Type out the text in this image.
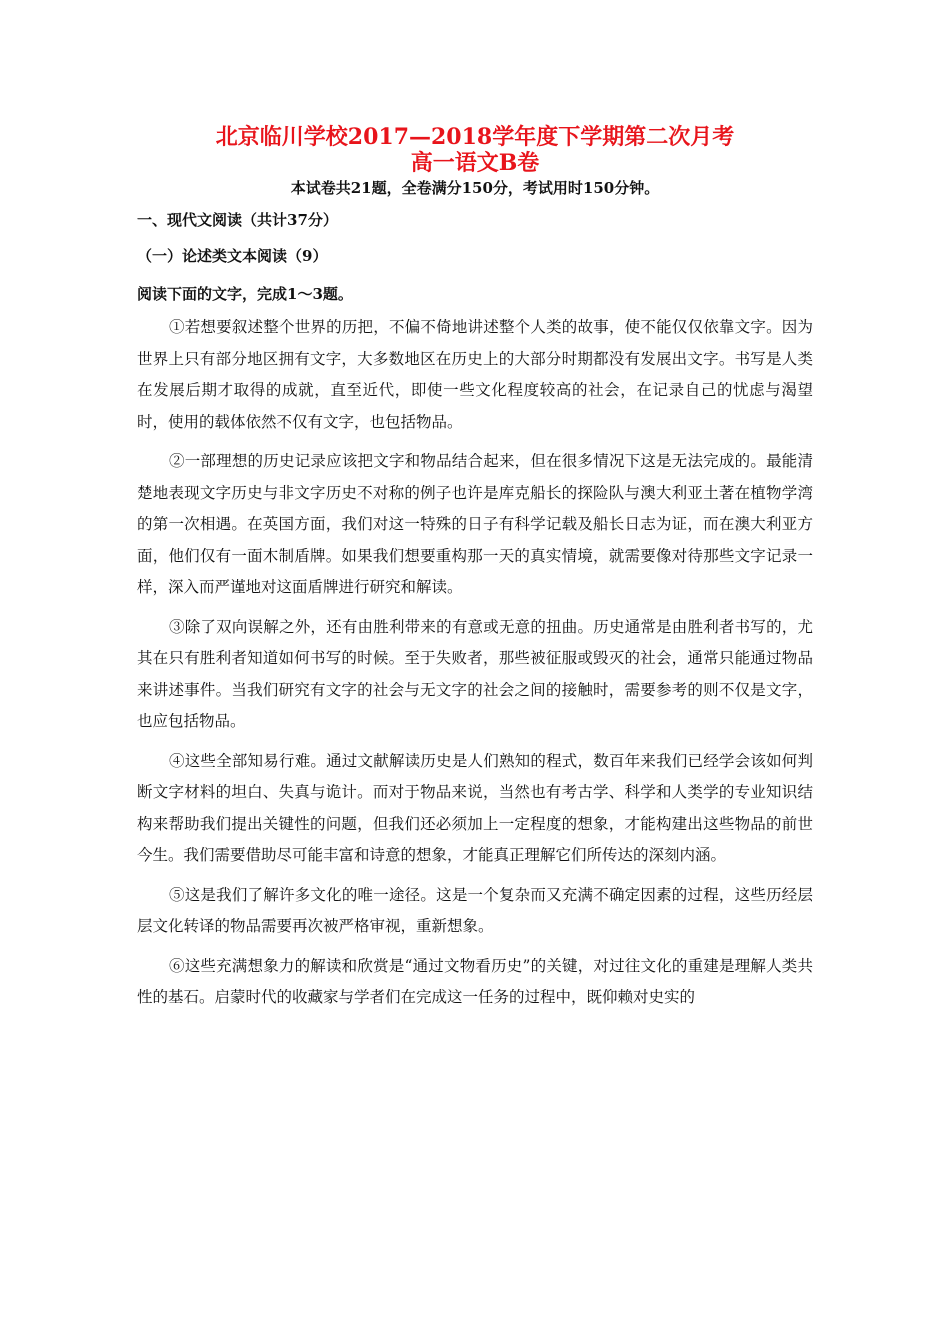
北京临川学校2017—2018学年度下学期第二次月考
高一语文B卷

本试卷共21题，全卷满分150分，考试用时150分钟。

一、现代文阅读（共计37分）

（一）论述类文本阅读（9）

阅读下面的文字，完成1～3题。

①若想要叙述整个世界的历把，不偏不倚地讲述整个人类的故事，使不能仅仅依靠文字。因为世界上只有部分地区拥有文字，大多数地区在历史上的大部分时期都没有发展出文字。书写是人类在发展后期才取得的成就，直至近代，即使一些文化程度较高的社会，在记录自己的忧虑与渴望时，使用的载体依然不仅有文字，也包括物品。

②一部理想的历史记录应该把文字和物品结合起来，但在很多情况下这是无法完成的。最能清楚地表现文字历史与非文字历史不对称的例子也许是库克船长的探险队与澳大利亚土著在植物学湾的第一次相遇。在英国方面，我们对这一特殊的日子有科学记载及船长日志为证，而在澳大利亚方面，他们仅有一面木制盾牌。如果我们想要重构那一天的真实情境，就需要像对待那些文字记录一样，深入而严谨地对这面盾牌进行研究和解读。

③除了双向误解之外，还有由胜利带来的有意或无意的扭曲。历史通常是由胜利者书写的，尤其在只有胜利者知道如何书写的时候。至于失败者，那些被征服或毁灭的社会，通常只能通过物品来讲述事件。当我们研究有文字的社会与无文字的社会之间的接触时，需要参考的则不仅是文字，也应包括物品。

④这些全部知易行难。通过文献解读历史是人们熟知的程式，数百年来我们已经学会该如何判断文字材料的坦白、失真与诡计。而对于物品来说，当然也有考古学、科学和人类学的专业知识结构来帮助我们提出关键性的问题，但我们还必须加上一定程度的想象，才能构建出这些物品的前世今生。我们需要借助尽可能丰富和诗意的想象，才能真正理解它们所传达的深刻内涵。

⑤这是我们了解许多文化的唯一途径。这是一个复杂而又充满不确定因素的过程，这些历经层层文化转译的物品需要再次被严格审视，重新想象。

⑥这些充满想象力的解读和欣赏是“通过文物看历史”的关键，对过往文化的重建是理解人类共性的基石。启蒙时代的收藏家与学者们在完成这一任务的过程中，既仰赖对史实的
